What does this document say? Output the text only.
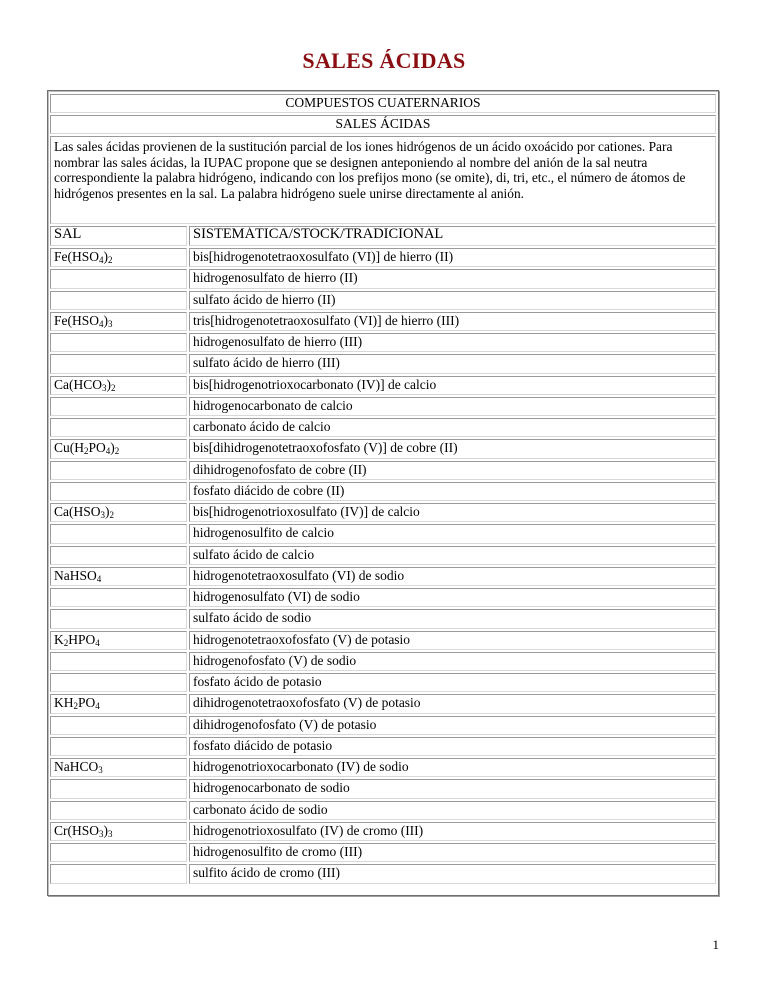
SALES ÁCIDAS
COMPUESTOS CUATERNARIOS
SALES ÁCIDAS
Las sales ácidas provienen de la sustitución parcial de los iones hidrógenos de un ácido oxoácido por cationes. Para nombrar las sales ácidas, la IUPAC propone que se designen anteponiendo al nombre del anión de la sal neutra correspondiente la palabra hidrógeno, indicando con los prefijos mono (se omite), di, tri, etc., el número de átomos de hidrógenos presentes en la sal. La palabra hidrógeno suele unirse directamente al anión.
SAL	SISTEMÁTICA/STOCK/TRADICIONAL
$Fe(HSO_4)_2$	bis[hidrogenotetraoxosulfato (VI)] de hierro (II)
hidrogenosulfato de hierro (II)
sulfato ácido de hierro (II)
$Fe(HSO_4)_3$	tris[hidrogenotetraoxosulfato (VI)] de hierro (III)
hidrogenosulfato de hierro (III)
sulfato ácido de hierro (III)
$Ca(HCO_3)_2$	bis[hidrogenotrioxocarbonato (IV)] de calcio
hidrogenocarbonato de calcio
carbonato ácido de calcio
$Cu(H_2PO_4)_2$	bis[dihidrogenotetraoxofosfato (V)] de cobre (II)
dihidrogenofosfato de cobre (II)
fosfato diácido de cobre (II)
$Ca(HSO_3)_2$	bis[hidrogenotrioxosulfato (IV)] de calcio
hidrogenosulfito de calcio
sulfato ácido de calcio
NaHSO$_4$	hidrogenotetraoxosulfato (VI) de sodio
hidrogenosulfato (VI) de sodio
sulfato ácido de sodio
$K_2HPO_4$	hidrogenotetraoxofosfato (V) de potasio
hidrogenofosfato (V) de sodio
fosfato ácido de potasio
$KH_2PO_4$	dihidrogenotetraoxofosfato (V) de potasio
dihidrogenofosfato (V) de potasio
fosfato diácido de potasio
NaHCO$_3$	hidrogenotrioxocarbonato (IV) de sodio
hidrogenocarbonato de sodio
carbonato ácido de sodio
$Cr(HSO_3)_3$	hidrogenotrioxosulfato (IV) de cromo (III)
hidrogenosulfito de cromo (III)
sulfito ácido de cromo (III)
1
